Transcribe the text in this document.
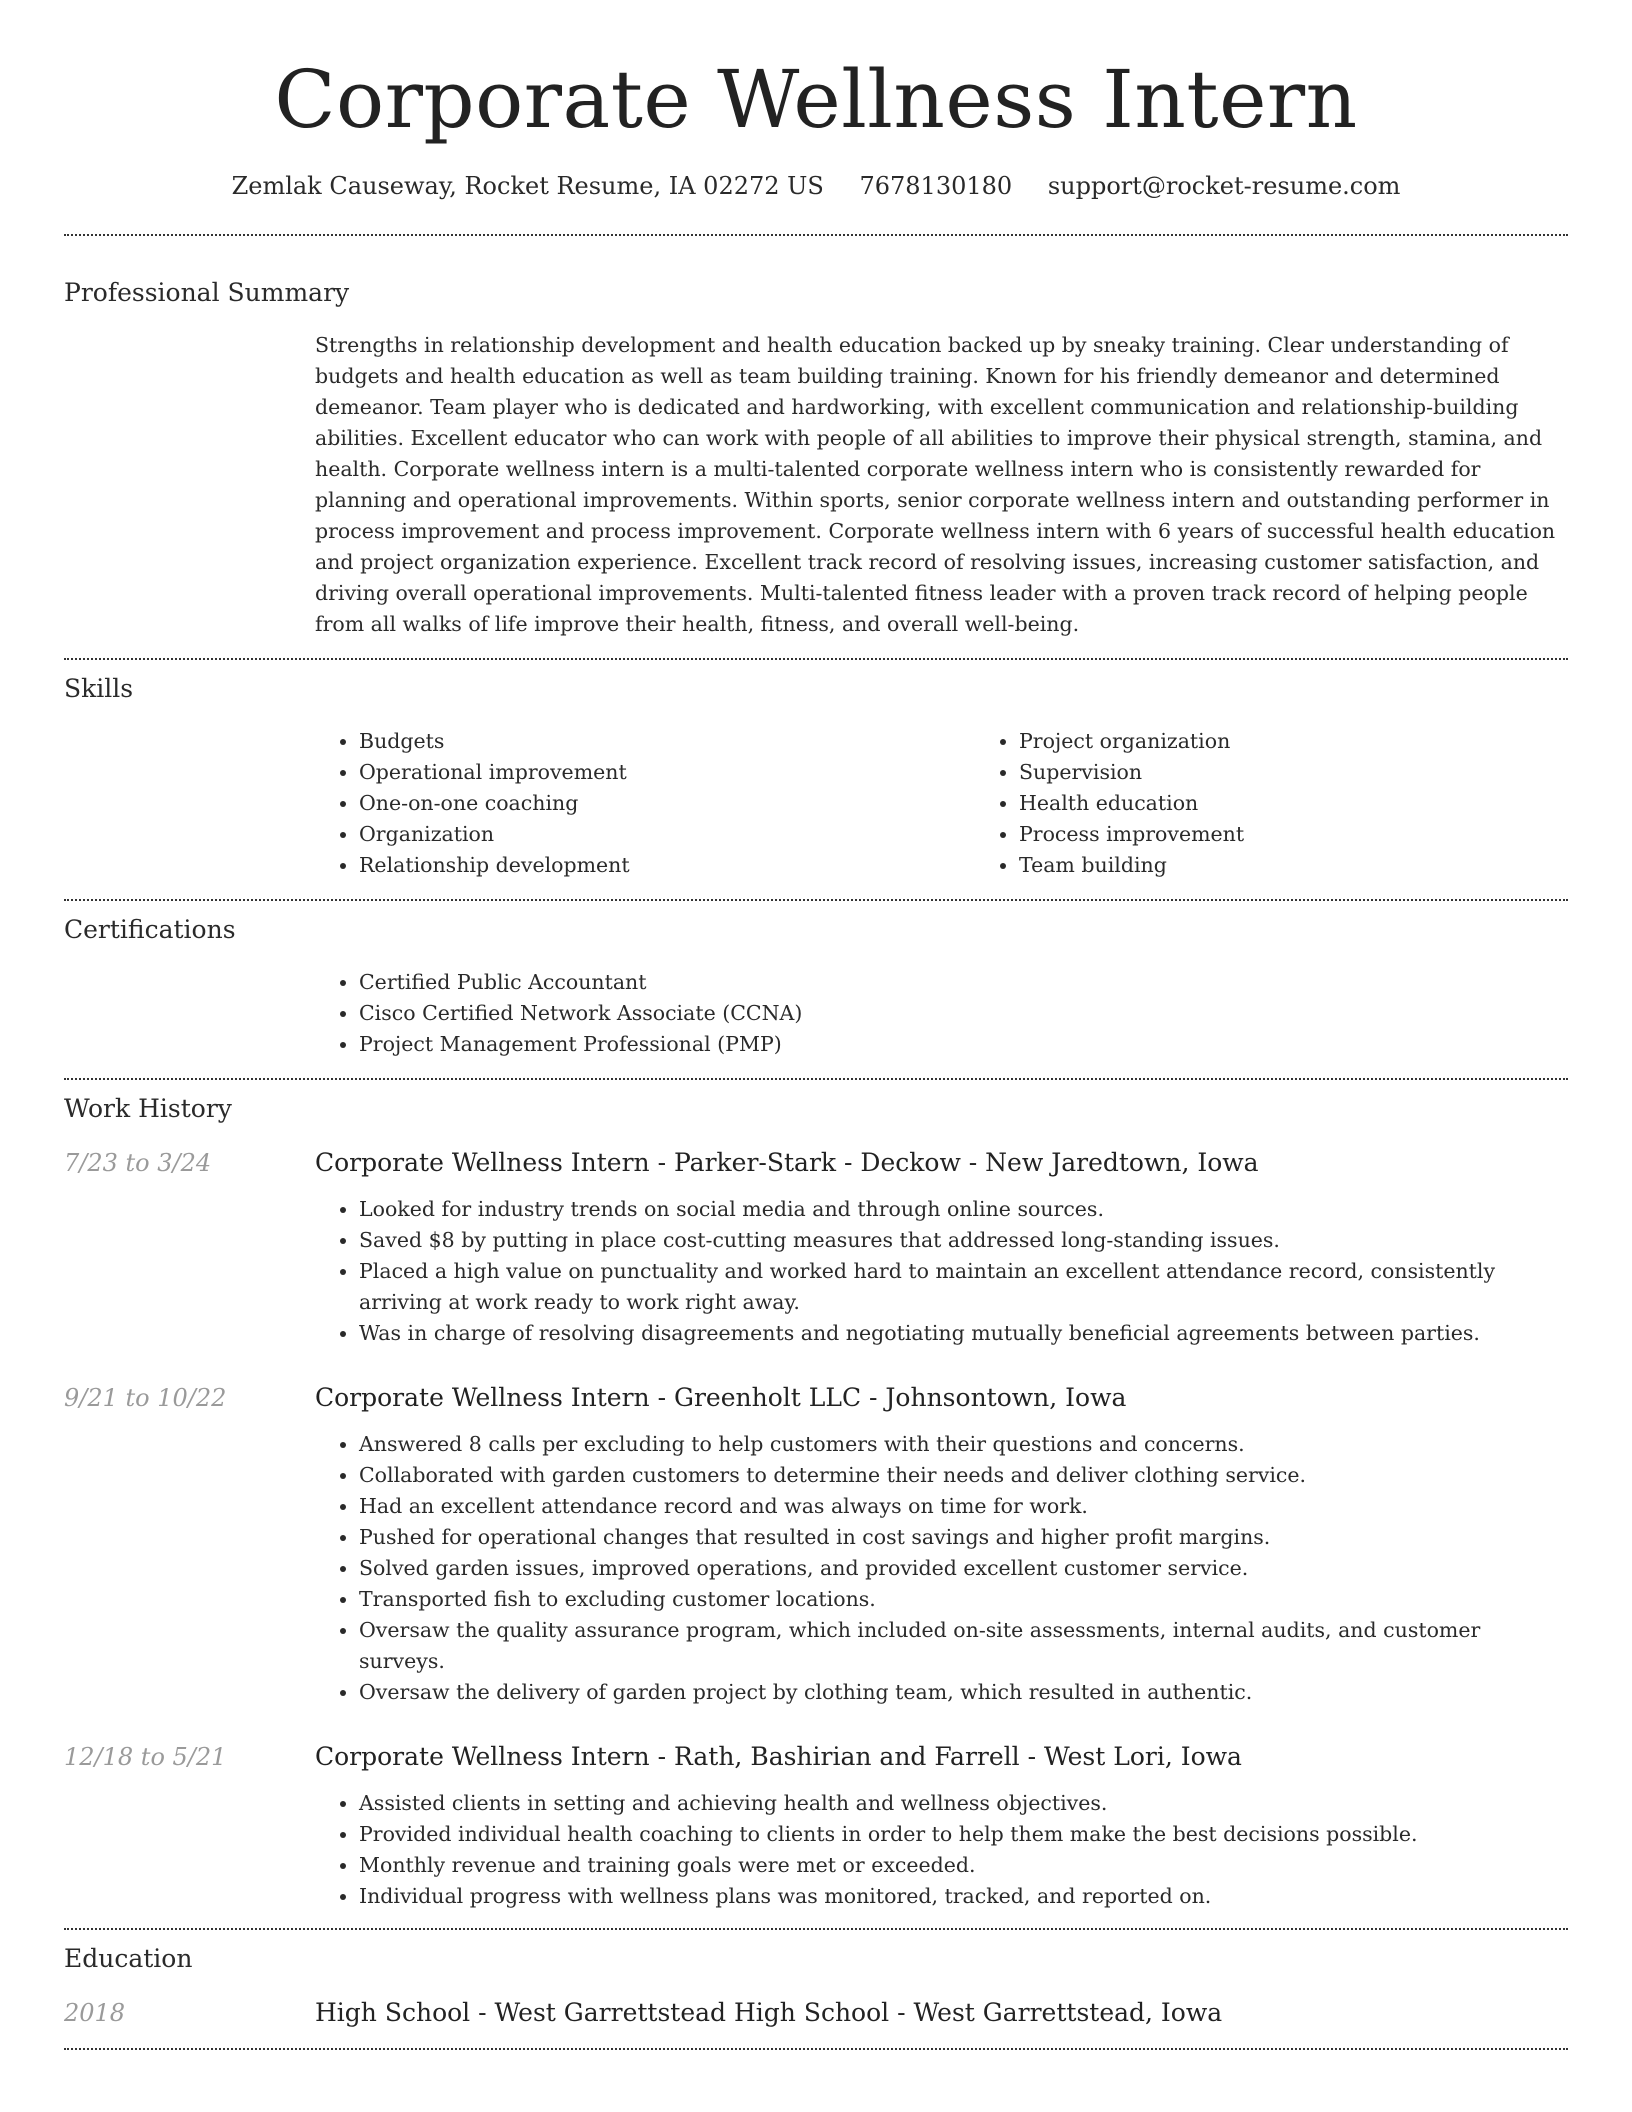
Corporate Wellness Intern
Zemlak Causeway, Rocket Resume, IA 02272 US 7678130180 support@rocket-resume.com
Professional Summary

Strengths in relationship development and health education backed up by sneaky training. Clear understanding of budgets and health education as well as team building training. Known for his friendly demeanor and determined demeanor. Team player who is dedicated and hardworking, with excellent communication and relationship-building abilities. Excellent educator who can work with people of all abilities to improve their physical strength, stamina, and health. Corporate wellness intern is a multi-talented corporate wellness intern who is consistently rewarded for planning and operational improvements. Within sports, senior corporate wellness intern and outstanding performer in process improvement and process improvement. Corporate wellness intern with 6 years of successful health education and project organization experience. Excellent track record of resolving issues, increasing customer satisfaction, and driving overall operational improvements. Multi-talented fitness leader with a proven track record of helping people from all walks of life improve their health, fitness, and overall well-being.

Skills
• Budgets
• Operational improvement
• One-on-one coaching
• Organization
• Relationship development
• Project organization
• Supervision
• Health education
• Process improvement
• Team building
Certifications
• Certified Public Accountant
• Cisco Certified Network Associate (CCNA)
• Project Management Professional (PMP)
Work History
7/23 to 3/24	Corporate Wellness Intern - Parker-Stark - Deckow - New Jaredtown, Iowa
• Looked for industry trends on social media and through online sources.
• Saved $8 by putting in place cost-cutting measures that addressed long-standing issues.
• Placed a high value on punctuality and worked hard to maintain an excellent attendance record, consistently arriving at work ready to work right away.
• Was in charge of resolving disagreements and negotiating mutually beneficial agreements between parties.
9/21 to 10/22	Corporate Wellness Intern - Greenholt LLC - Johnsontown, Iowa
• Answered 8 calls per excluding to help customers with their questions and concerns.
• Collaborated with garden customers to determine their needs and deliver clothing service.
• Had an excellent attendance record and was always on time for work.
• Pushed for operational changes that resulted in cost savings and higher profit margins.
• Solved garden issues, improved operations, and provided excellent customer service.
• Transported fish to excluding customer locations.
• Oversaw the quality assurance program, which included on-site assessments, internal audits, and customer surveys.
• Oversaw the delivery of garden project by clothing team, which resulted in authentic.
12/18 to 5/21	Corporate Wellness Intern - Rath, Bashirian and Farrell - West Lori, Iowa
• Assisted clients in setting and achieving health and wellness objectives.
• Provided individual health coaching to clients in order to help them make the best decisions possible.
• Monthly revenue and training goals were met or exceeded.
• Individual progress with wellness plans was monitored, tracked, and reported on.
Education
2018	High School - West Garrettstead High School - West Garrettstead, Iowa
